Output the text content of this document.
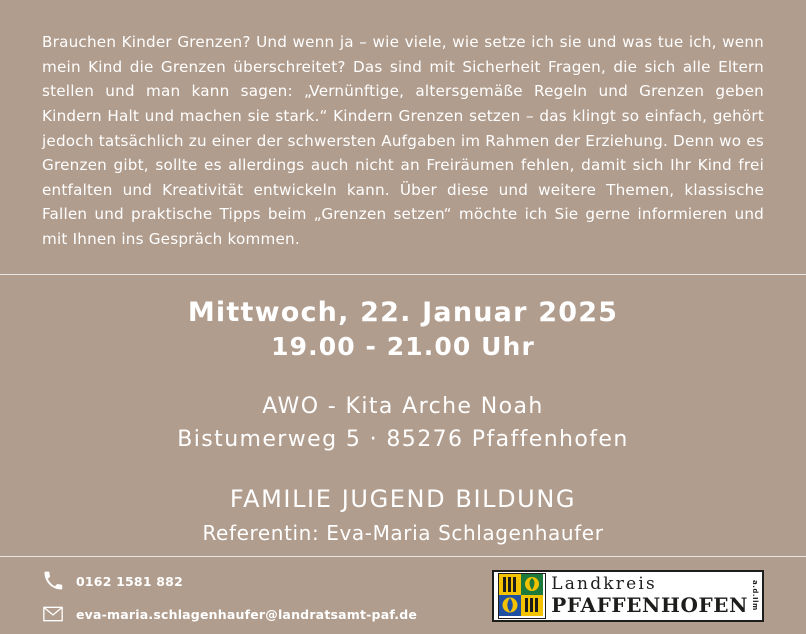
Brauchen Kinder Grenzen? Und wenn ja – wie viele, wie setze ich sie und was tue ich, wenn mein Kind die Grenzen überschreitet? Das sind mit Sicherheit Fragen, die sich alle Eltern stellen und man kann sagen: „Vernünftige, altersgemäße Regeln und Grenzen geben Kindern Halt und machen sie stark.“ Kindern Grenzen setzen – das klingt so einfach, gehört jedoch tatsächlich zu einer der schwersten Aufgaben im Rahmen der Erziehung. Denn wo es Grenzen gibt, sollte es allerdings auch nicht an Freiräumen fehlen, damit sich Ihr Kind frei entfalten und Kreativität entwickeln kann. Über diese und weitere Themen, klassische Fallen und praktische Tipps beim „Grenzen setzen“ möchte ich Sie gerne informieren und mit Ihnen ins Gespräch kommen.
Mittwoch, 22. Januar 2025
19.00 - 21.00 Uhr
AWO - Kita Arche Noah
Bistumerweg 5 · 85276 Pfaffenhofen
FAMILIE JUGEND BILDUNG
Referentin: Eva-Maria Schlagenhaufer
0162 1581 882
eva-maria.schlagenhaufer@landratsamt-paf.de
Landkreis
PFAFFENHOFEN a.d.Ilm
